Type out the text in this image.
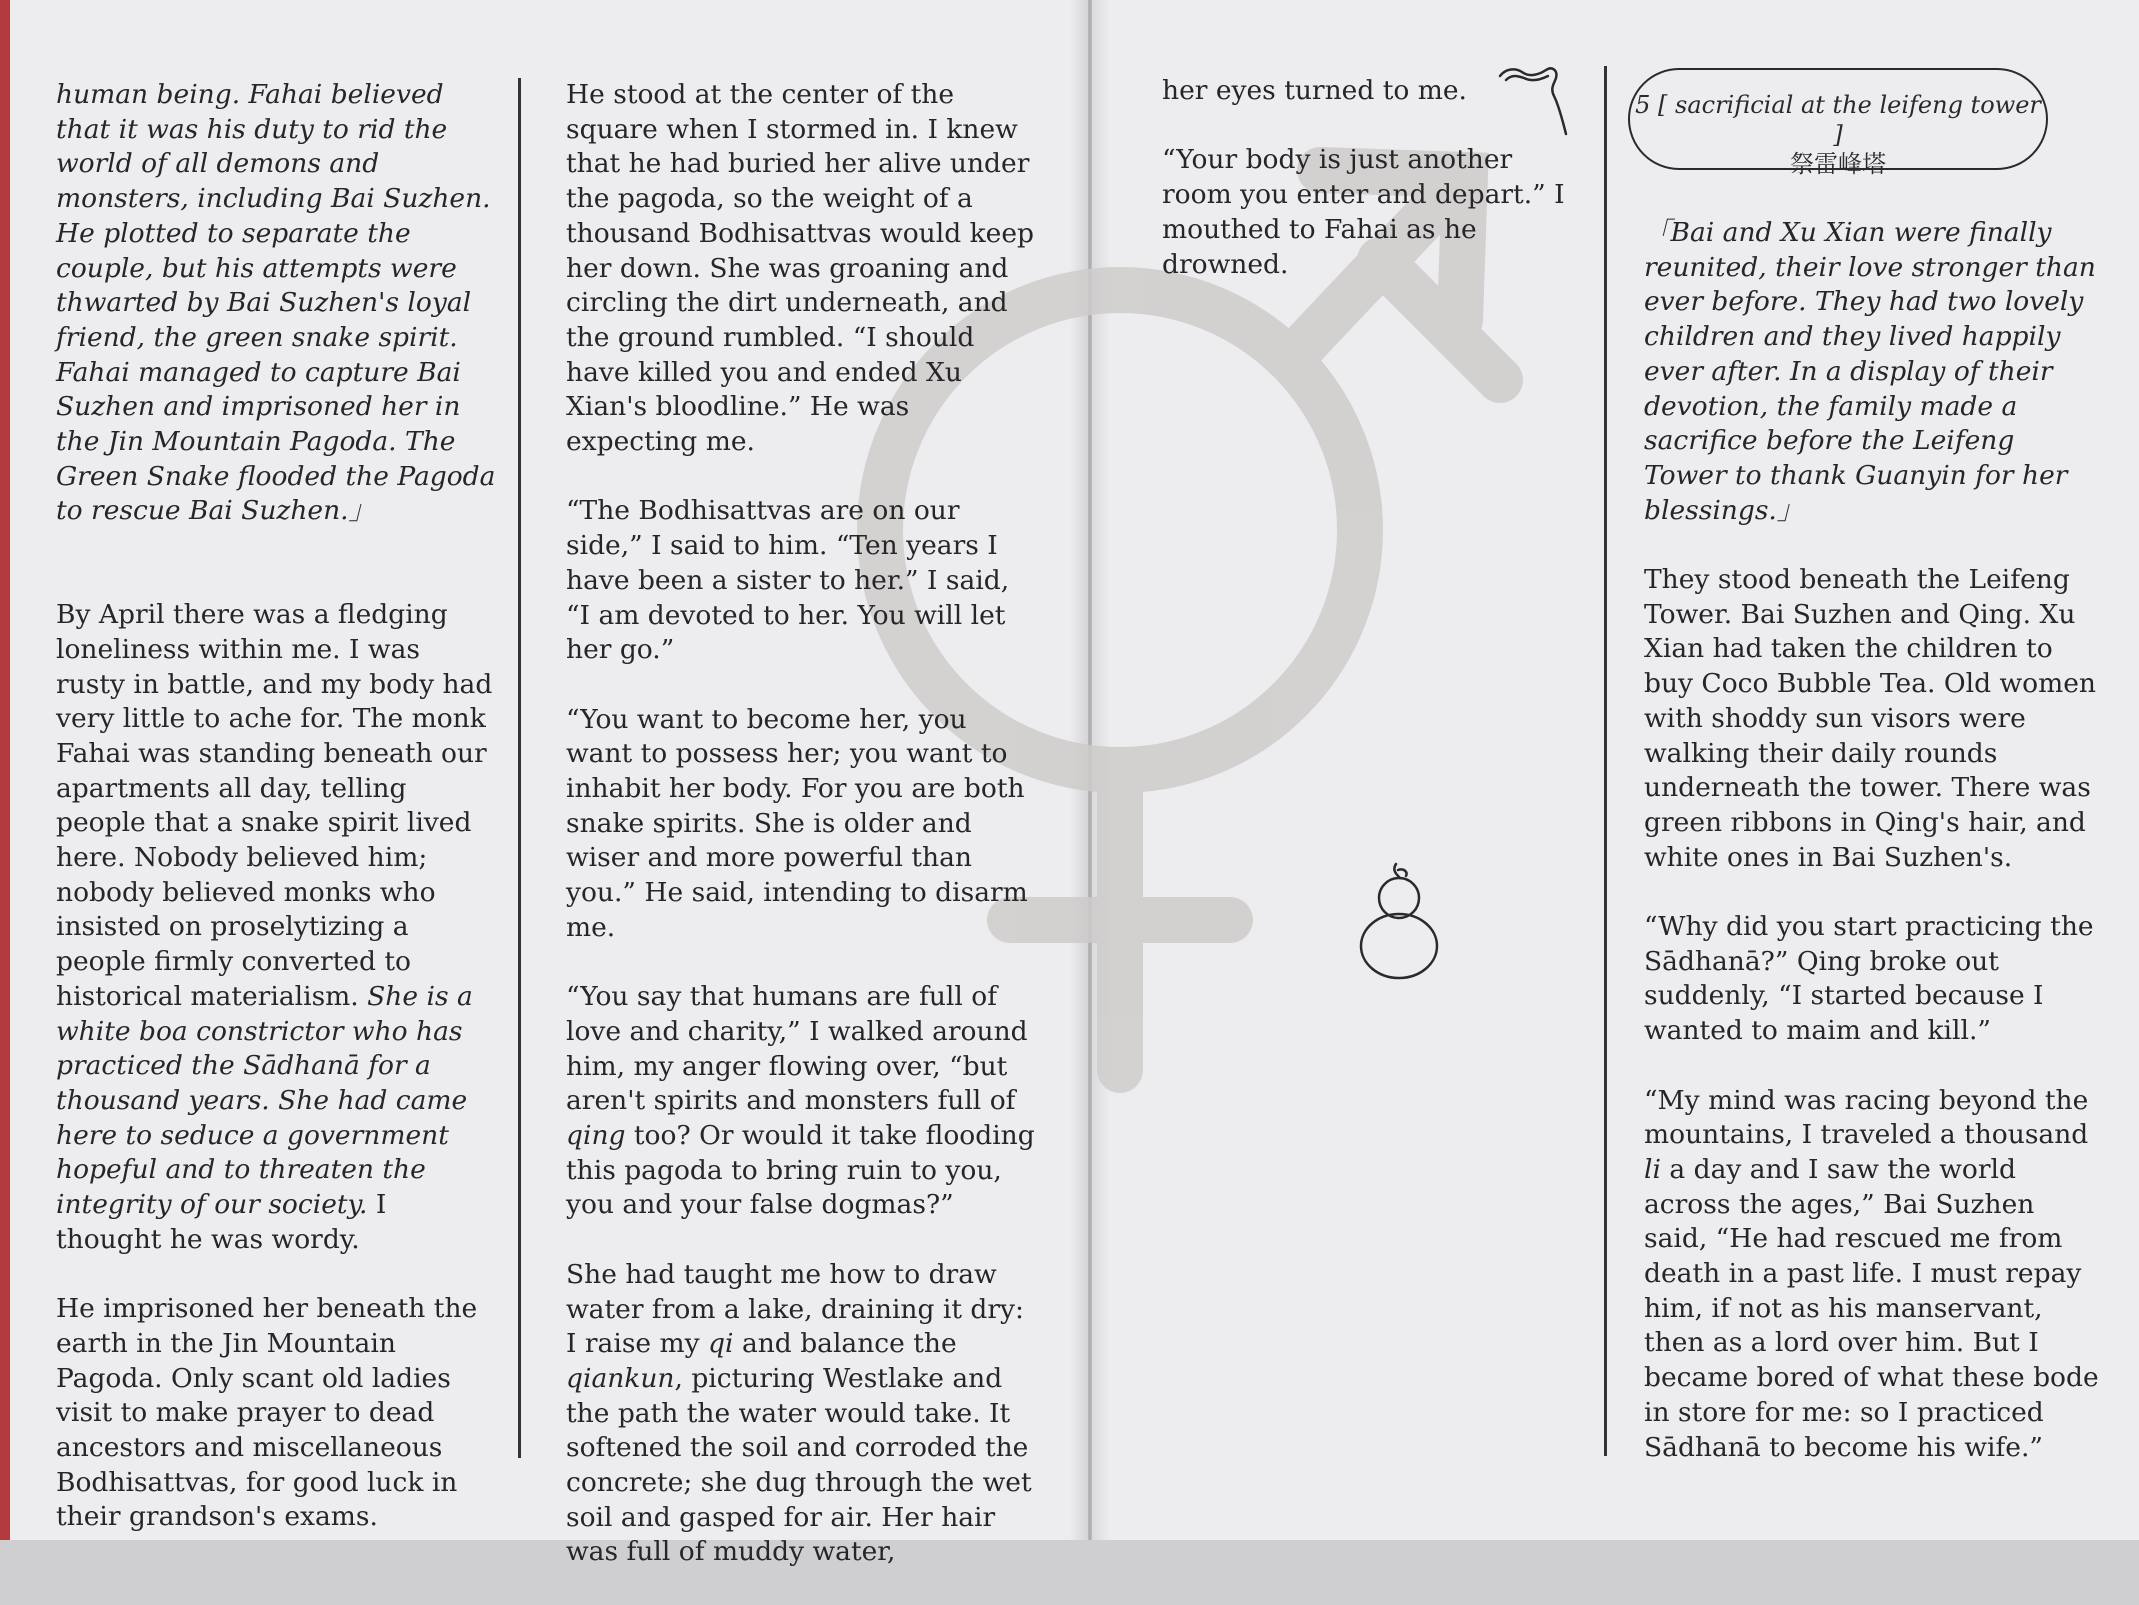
human being. Fahai believed that it was his duty to rid the world of all demons and monsters, including Bai Suzhen. He plotted to separate the couple, but his attempts were thwarted by Bai Suzhen's loyal friend, the green snake spirit. Fahai managed to capture Bai Suzhen and imprisoned her in the Jin Mountain Pagoda. The Green Snake flooded the Pagoda to rescue Bai Suzhen.」

By April there was a fledging loneliness within me. I was rusty in battle, and my body had very little to ache for. The monk Fahai was standing beneath our apartments all day, telling people that a snake spirit lived here. Nobody believed him; nobody believed monks who insisted on proselytizing a people firmly converted to historical materialism. She is a white boa constrictor who has practiced the Sādhanā for a thousand years. She had came here to seduce a government hopeful and to threaten the integrity of our society. I thought he was wordy.

He imprisoned her beneath the earth in the Jin Mountain Pagoda. Only scant old ladies visit to make prayer to dead ancestors and miscellaneous Bodhisattvas, for good luck in their grandson's exams.

He stood at the center of the square when I stormed in. I knew that he had buried her alive under the pagoda, so the weight of a thousand Bodhisattvas would keep her down. She was groaning and circling the dirt underneath, and the ground rumbled. “I should have killed you and ended Xu Xian's bloodline.” He was expecting me.

“The Bodhisattvas are on our side,” I said to him. “Ten years I have been a sister to her.” I said, “I am devoted to her. You will let her go.”

“You want to become her, you want to possess her; you want to inhabit her body. For you are both snake spirits. She is older and wiser and more powerful than you.” He said, intending to disarm me.

“You say that humans are full of love and charity,” I walked around him, my anger flowing over, “but aren't spirits and monsters full of qing too? Or would it take flooding this pagoda to bring ruin to you, you and your false dogmas?”

She had taught me how to draw water from a lake, draining it dry: I raise my qi and balance the qiankun, picturing Westlake and the path the water would take. It softened the soil and corroded the concrete; she dug through the wet soil and gasped for air. Her hair was full of muddy water,

her eyes turned to me.

“Your body is just another room you enter and depart.” I mouthed to Fahai as he drowned.

5 [ sacrificial at the leifeng tower ]
祭雷峰塔

「Bai and Xu Xian were finally reunited, their love stronger than ever before. They had two lovely children and they lived happily ever after. In a display of their devotion, the family made a sacrifice before the Leifeng Tower to thank Guanyin for her blessings.」

They stood beneath the Leifeng Tower. Bai Suzhen and Qing. Xu Xian had taken the children to buy Coco Bubble Tea. Old women with shoddy sun visors were walking their daily rounds underneath the tower. There was green ribbons in Qing's hair, and white ones in Bai Suzhen's.

“Why did you start practicing the Sādhanā?” Qing broke out suddenly, “I started because I wanted to maim and kill.”

“My mind was racing beyond the mountains, I traveled a thousand li a day and I saw the world across the ages,” Bai Suzhen said, “He had rescued me from death in a past life. I must repay him, if not as his manservant, then as a lord over him. But I became bored of what these bode in store for me: so I practiced Sādhanā to become his wife.”
